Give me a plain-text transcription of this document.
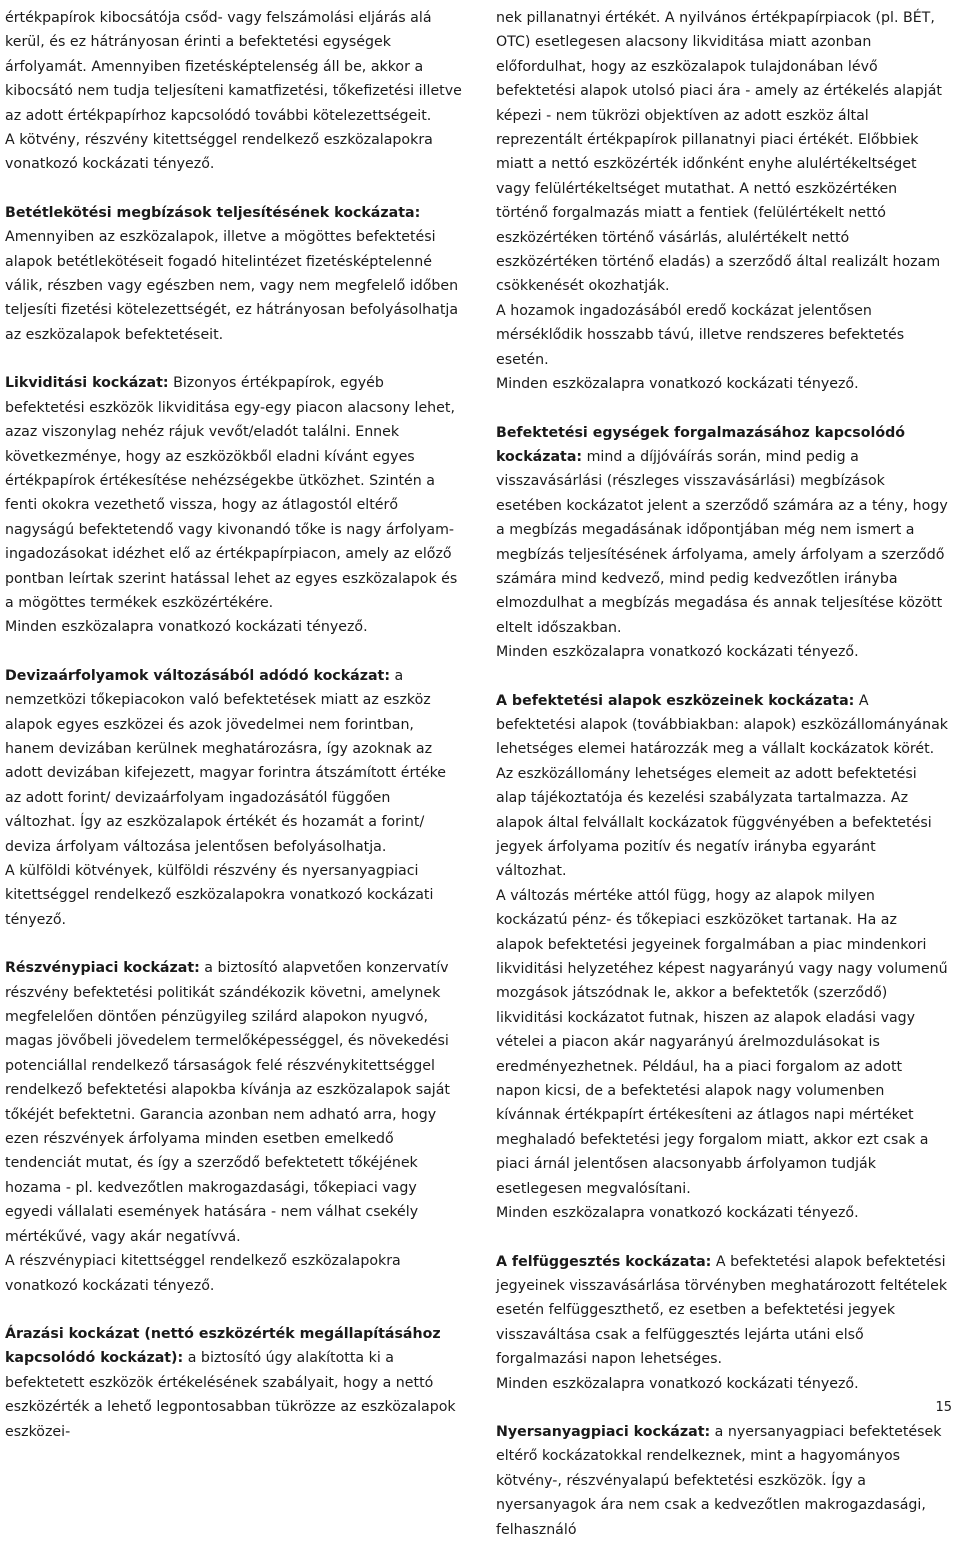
értékpapírok kibocsátója csőd- vagy felszámolási eljárás alá kerül, és ez hátrányosan érinti a befektetési egységek árfolyamát. Amennyiben fizetésképtelenség áll be, akkor a kibocsátó nem tudja teljesíteni kamatfizetési, tőkefizetési illetve az adott értékpapírhoz kapcsolódó további kötelezettségeit.

A kötvény, részvény kitettséggel rendelkező eszközalapokra vonatkozó kockázati tényező.

Betétlekötési megbízások teljesítésének kockázata:

Amennyiben az eszközalapok, illetve a mögöttes befektetési alapok betétlekötéseit fogadó hitelintézet fizetésképtelenné válik, részben vagy egészben nem, vagy nem megfelelő időben teljesíti fizetési kötelezettségét, ez hátrányosan befolyásolhatja az eszközalapok befektetéseit.

Likviditási kockázat: Bizonyos értékpapírok, egyéb befektetési eszközök likviditása egy-egy piacon alacsony lehet, azaz viszonylag nehéz rájuk vevőt/eladót találni. Ennek következménye, hogy az eszközökből eladni kívánt egyes értékpapírok értékesítése nehézségekbe ütközhet. Szintén a fenti okokra vezethető vissza, hogy az átlagostól eltérő nagyságú befektetendő vagy kivonandó tőke is nagy árfolyam-ingadozásokat idézhet elő az értékpapírpiacon, amely az előző pontban leírtak szerint hatással lehet az egyes eszközalapok és a mögöttes termékek eszközértékére.

Minden eszközalapra vonatkozó kockázati tényező.

Devizaárfolyamok változásából adódó kockázat: a nemzetközi tőkepiacokon való befektetések miatt az eszköz alapok egyes eszközei és azok jövedelmei nem forintban, hanem devizában kerülnek meghatározásra, így azoknak az adott devizában kifejezett, magyar forintra átszámított értéke az adott forint/ devizaárfolyam ingadozásától függően változhat. Így az eszközalapok értékét és hozamát a forint/ deviza árfolyam változása jelentősen befolyásolhatja.

A külföldi kötvények, külföldi részvény és nyersanyagpiaci kitettséggel rendelkező eszközalapokra vonatkozó kockázati tényező.

Részvénypiaci kockázat: a biztosító alapvetően konzervatív részvény befektetési politikát szándékozik követni, amelynek megfelelően döntően pénzügyileg szilárd alapokon nyugvó, magas jövőbeli jövedelem termelőképességgel, és növekedési potenciállal rendelkező társaságok felé részvénykitettséggel rendelkező befektetési alapokba kívánja az eszközalapok saját tőkéjét befektetni. Garancia azonban nem adható arra, hogy ezen részvények árfolyama minden esetben emelkedő tendenciát mutat, és így a szerződő befektetett tőkéjének hozama - pl. kedvezőtlen makrogazdasági, tőkepiaci vagy egyedi vállalati események hatására - nem válhat csekély mértékűvé, vagy akár negatívvá.

A részvénypiaci kitettséggel rendelkező eszközalapokra vonatkozó kockázati tényező.

Árazási kockázat (nettó eszközérték megállapításához kapcsolódó kockázat): a biztosító úgy alakította ki a befektetett eszközök értékelésének szabályait, hogy a nettó eszközérték a lehető legpontosabban tükrözze az eszközalapok eszközei-

nek pillanatnyi értékét. A nyilvános értékpapírpiacok (pl. BÉT, OTC) esetlegesen alacsony likviditása miatt azonban előfordulhat, hogy az eszközalapok tulajdonában lévő befektetési alapok utolsó piaci ára - amely az értékelés alapját képezi - nem tükrözi objektíven az adott eszköz által reprezentált értékpapírok pillanatnyi piaci értékét. Előbbiek miatt a nettó eszközérték időnként enyhe alulértékeltséget vagy felülértékeltséget mutathat. A nettó eszközértéken történő forgalmazás miatt a fentiek (felülértékelt nettó eszközértéken történő vásárlás, alulértékelt nettó eszközértéken történő eladás) a szerződő által realizált hozam csökkenését okozhatják.

A hozamok ingadozásából eredő kockázat jelentősen mérséklődik hosszabb távú, illetve rendszeres befektetés esetén.

Minden eszközalapra vonatkozó kockázati tényező.

Befektetési egységek forgalmazásához kapcsolódó kockázata: mind a díjjóváírás során, mind pedig a visszavásárlási (részleges visszavásárlási) megbízások esetében kockázatot jelent a szerződő számára az a tény, hogy a megbízás megadásának időpontjában még nem ismert a megbízás teljesítésének árfolyama, amely árfolyam a szerződő számára mind kedvező, mind pedig kedvezőtlen irányba elmozdulhat a megbízás megadása és annak teljesítése között eltelt időszakban.

Minden eszközalapra vonatkozó kockázati tényező.

A befektetési alapok eszközeinek kockázata: A befektetési alapok (továbbiakban: alapok) eszközállományának lehetséges elemei határozzák meg a vállalt kockázatok körét. Az eszközállomány lehetséges elemeit az adott befektetési alap tájékoztatója és kezelési szabályzata tartalmazza. Az alapok által felvállalt kockázatok függvényében a befektetési jegyek árfolyama pozitív és negatív irányba egyaránt változhat.

A változás mértéke attól függ, hogy az alapok milyen kockázatú pénz- és tőkepiaci eszközöket tartanak. Ha az alapok befektetési jegyeinek forgalmában a piac mindenkori likviditási helyzetéhez képest nagyarányú vagy nagy volumenű mozgások játszódnak le, akkor a befektetők (szerződő) likviditási kockázatot futnak, hiszen az alapok eladási vagy vételei a piacon akár nagyarányú árelmozdulásokat is eredményezhetnek. Például, ha a piaci forgalom az adott napon kicsi, de a befektetési alapok nagy volumenben kívánnak értékpapírt értékesíteni az átlagos napi mértéket meghaladó befektetési jegy forgalom miatt, akkor ezt csak a piaci árnál jelentősen alacsonyabb árfolyamon tudják esetlegesen megvalósítani.

Minden eszközalapra vonatkozó kockázati tényező.

A felfüggesztés kockázata: A befektetési alapok befektetési jegyeinek visszavásárlása törvényben meghatározott feltételek esetén felfüggeszthető, ez esetben a befektetési jegyek visszaváltása csak a felfüggesztés lejárta utáni első forgalmazási napon lehetséges.

Minden eszközalapra vonatkozó kockázati tényező.

Nyersanyagpiaci kockázat: a nyersanyagpiaci befektetések eltérő kockázatokkal rendelkeznek, mint a hagyományos kötvény-, részvényalapú befektetési eszközök. Így a nyersanyagok ára nem csak a kedvezőtlen makrogazdasági, felhasználó

15
